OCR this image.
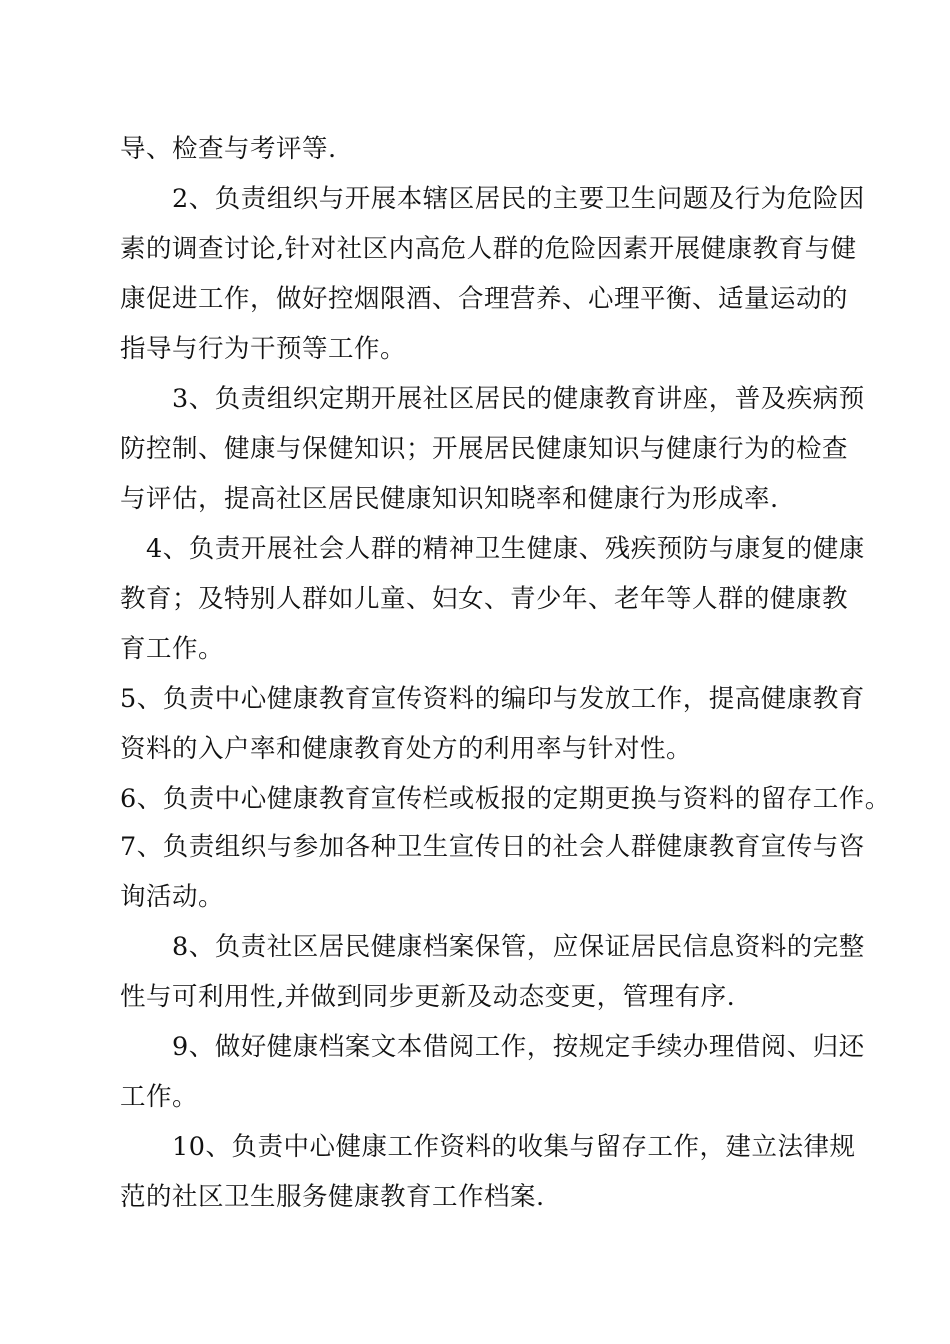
导、检查与考评等.
2、负责组织与开展本辖区居民的主要卫生问题及行为危险因
素的调查讨论,针对社区内高危人群的危险因素开展健康教育与健
康促进工作，做好控烟限酒、合理营养、心理平衡、适量运动的
指导与行为干预等工作。
3、负责组织定期开展社区居民的健康教育讲座，普及疾病预
防控制、健康与保健知识；开展居民健康知识与健康行为的检查
与评估，提高社区居民健康知识知晓率和健康行为形成率.
4、负责开展社会人群的精神卫生健康、残疾预防与康复的健康
教育；及特别人群如儿童、妇女、青少年、老年等人群的健康教
育工作。
5、负责中心健康教育宣传资料的编印与发放工作，提高健康教育
资料的入户率和健康教育处方的利用率与针对性。
6、负责中心健康教育宣传栏或板报的定期更换与资料的留存工作。
7、负责组织与参加各种卫生宣传日的社会人群健康教育宣传与咨
询活动。
8、负责社区居民健康档案保管，应保证居民信息资料的完整
性与可利用性,并做到同步更新及动态变更，管理有序.
9、做好健康档案文本借阅工作，按规定手续办理借阅、归还
工作。
10、负责中心健康工作资料的收集与留存工作，建立法律规
范的社区卫生服务健康教育工作档案.
